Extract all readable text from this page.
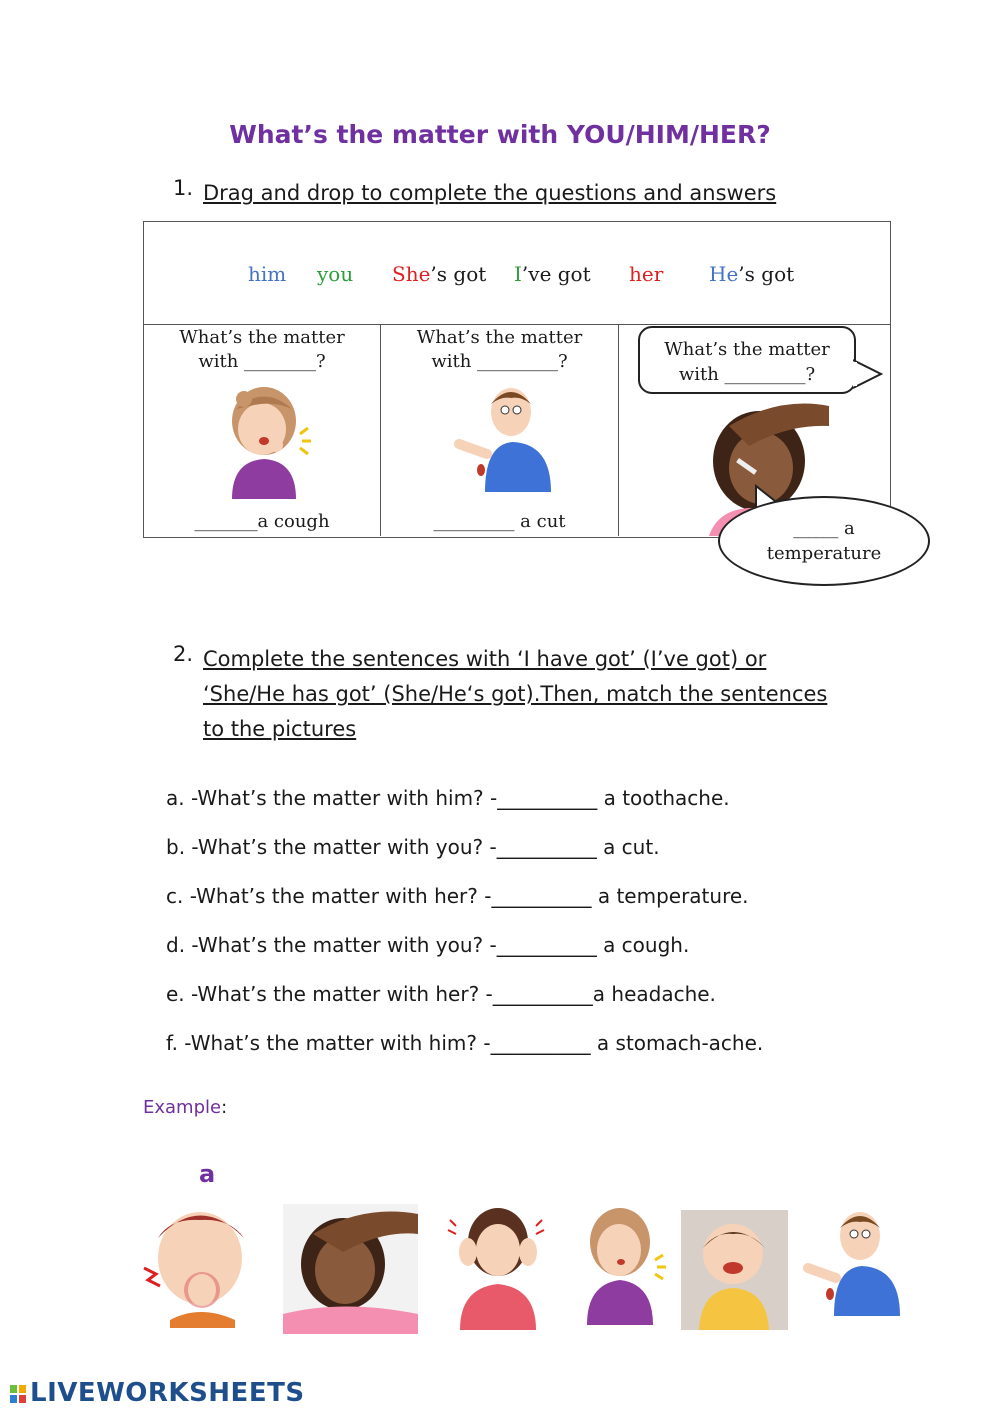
What’s the matter with YOU/HIM/HER?
1. Drag and drop to complete the questions and answers
him you She’s got I’ve got her He’s got
What’s the matter
with ________?
_______a cough
What’s the matter
with _________?
_________ a cut
What’s the matter
with _________?
_____ a
temperature
2. Complete the sentences with ‘I have got’ (I’ve got) or
‘She/He has got’ (She/He‘s got).Then, match the sentences
to the pictures
a. -What’s the matter with him? -__________ a toothache.
b. -What’s the matter with you? -__________ a cut.
c. -What’s the matter with her? -__________ a temperature.
d. -What’s the matter with you? -__________ a cough.
e. -What’s the matter with her? -__________a headache.
f. -What’s the matter with him? -__________ a stomach-ache.
Example:
a
LIVEWORKSHEETS
